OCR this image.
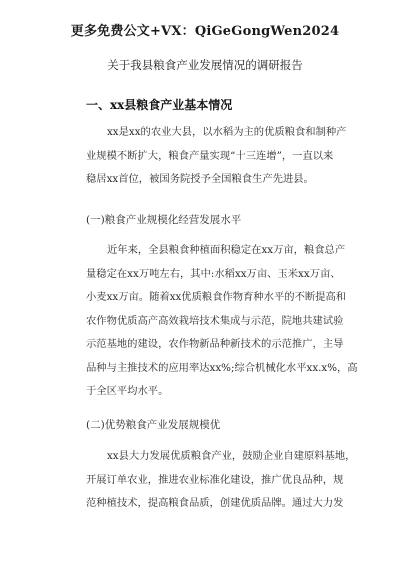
更多免费公文+VX：QiGeGongWen2024
关于我县粮食产业发展情况的调研报告
一、xx县粮食产业基本情况
xx是xx的农业大县，以水稻为主的优质粮食和制种产
业规模不断扩大，粮食产量实现“十三连增”，一直以来
稳居xx首位，被国务院授予全国粮食生产先进县。
(一)粮食产业规模化经营发展水平
近年来，全县粮食种植面积稳定在xx万亩，粮食总产
量稳定在xx万吨左右，其中:水稻xx万亩、玉米xx万亩、
小麦xx万亩。随着xx优质粮食作物育种水平的不断提高和
农作物优质高产高效栽培技术集成与示范，院地共建试验
示范基地的建设，农作物新品种新技术的示范推广，主导
品种与主推技术的应用率达xx%;综合机械化水平xx.x%，高
于全区平均水平。
(二)优势粮食产业发展规模优
xx县大力发展优质粮食产业，鼓励企业自建原料基地，
开展订单农业，推进农业标准化建设，推广优良品种，规
范种植技术，提高粮食品质，创建优质品牌。通过大力发
